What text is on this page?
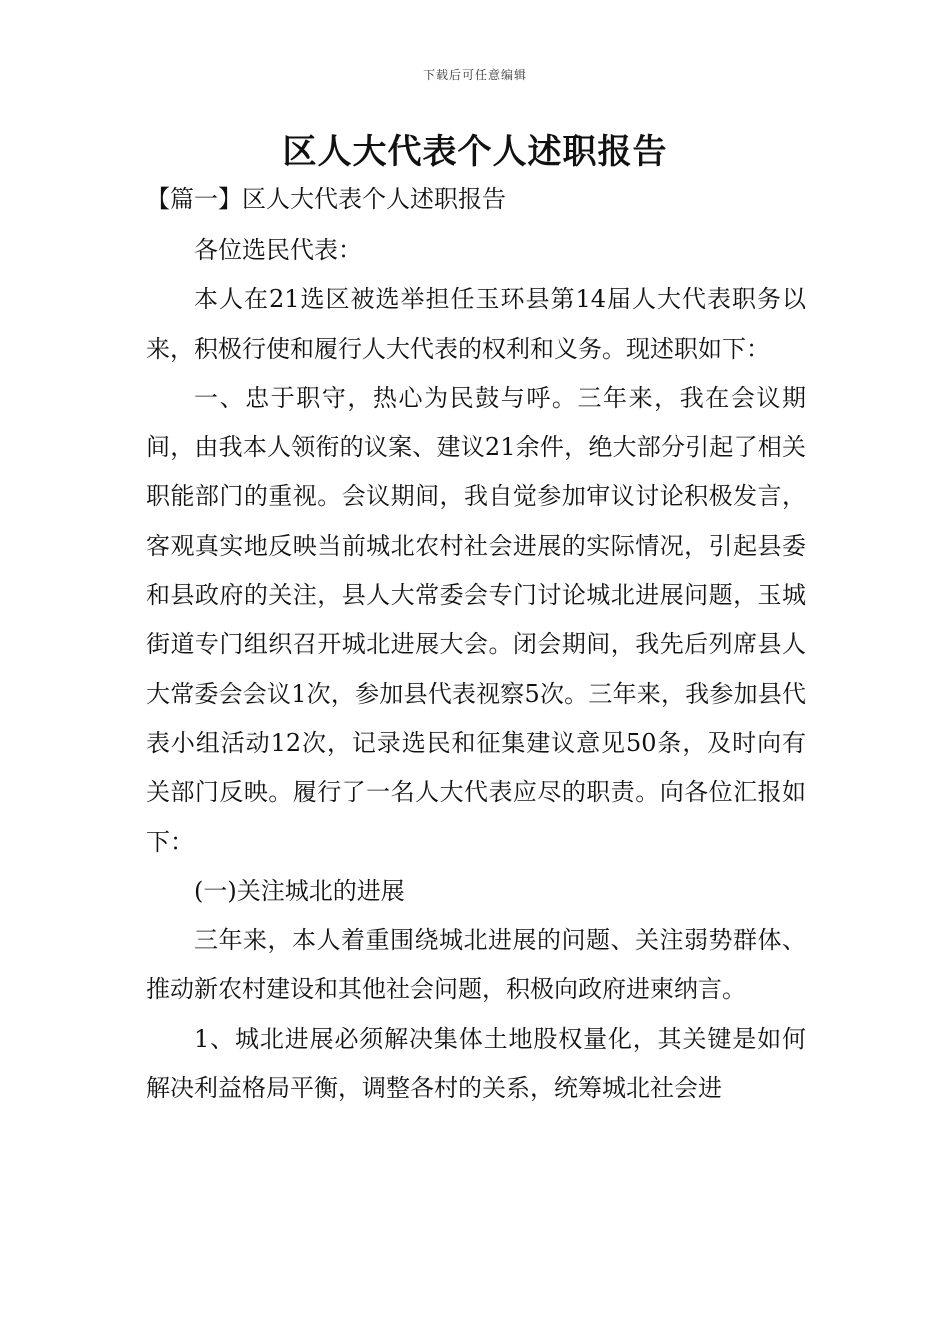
下载后可任意编辑
区人大代表个人述职报告
【篇一】区人大代表个人述职报告

各位选民代表：

本人在21选区被选举担任玉环县第14届人大代表职务以来，积极行使和履行人大代表的权利和义务。现述职如下：

一、忠于职守，热心为民鼓与呼。三年来，我在会议期间，由我本人领衔的议案、建议21余件，绝大部分引起了相关职能部门的重视。会议期间，我自觉参加审议讨论积极发言，客观真实地反映当前城北农村社会进展的实际情况，引起县委和县政府的关注，县人大常委会专门讨论城北进展问题，玉城街道专门组织召开城北进展大会。闭会期间，我先后列席县人大常委会会议1次，参加县代表视察5次。三年来，我参加县代表小组活动12次，记录选民和征集建议意见50条，及时向有关部门反映。履行了一名人大代表应尽的职责。向各位汇报如下：

(一)关注城北的进展

三年来，本人着重围绕城北进展的问题、关注弱势群体、推动新农村建设和其他社会问题，积极向政府进柬纳言。

1、城北进展必须解决集体土地股权量化，其关键是如何解决利益格局平衡，调整各村的关系，统筹城北社会进
